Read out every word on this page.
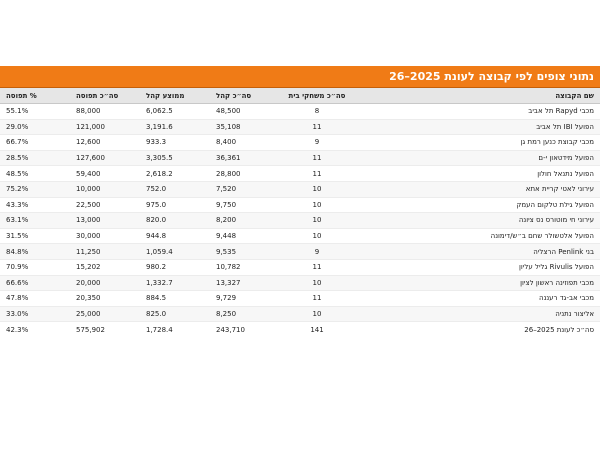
נתוני צופים לפי קבוצה לעונת 2025–26
שם הקבוצה	סה״כ משחקי בית	סה״כ קהל	ממוצע קהל	סה״כ תפוסה	% תפוסה
מכבי Rapyd תל אביב	8	48,500	6,062.5	88,000	55.1%
הפועל IBI תל אביב	11	35,108	3,191.6	121,000	29.0%
מכבי קבוצת כנען רמת גן	9	8,400	933.3	12,600	66.7%
הפועל מידטאון י-ם	11	36,361	3,305.5	127,600	28.5%
הפועל נתנאל חולון	11	28,800	2,618.2	59,400	48.5%
עירוני לאטי קריית אתא	10	7,520	752.0	10,000	75.2%
הפועל גילת טלקום העמק	10	9,750	975.0	22,500	43.3%
עירוני חי מוטורס נס ציונה	10	8,200	820.0	13,000	63.1%
הפועל אלטשולר שחם ב״ש/דימונה	10	9,448	944.8	30,000	31.5%
בני Penlink הרצליה	9	9,535	1,059.4	11,250	84.8%
הפועל Rivulis גליל עליון	11	10,782	980.2	15,202	70.9%
מכבי תפוזינה ראשון לציון	10	13,327	1,332.7	20,000	66.6%
מכבי אב-גד רעננה	11	9,729	884.5	20,350	47.8%
אליצור נתניה	10	8,250	825.0	25,000	33.0%
סה״כ לעונת 2025–26	141	243,710	1,728.4	575,902	42.3%
